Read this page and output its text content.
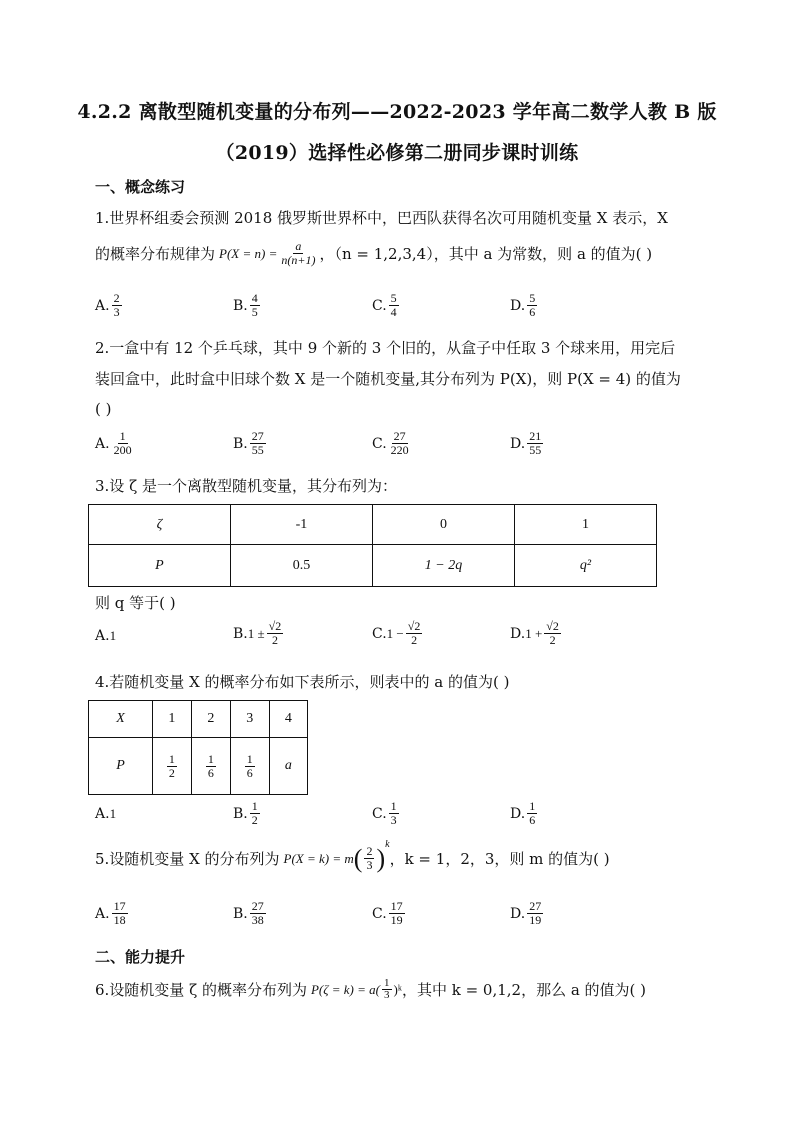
4.2.2 离散型随机变量的分布列——2022-2023 学年高二数学人教 B 版
（2019）选择性必修第二册同步课时训练
一、概念练习
1.世界杯组委会预测 2018 俄罗斯世界杯中，巴西队获得名次可用随机变量 X 表示，X
的概率分布规律为 $P(X = n) = \frac{a}{n(n+1)}$ ，（n = 1,2,3,4），其中 a 为常数，则 a 的值为( )
A. $\frac{2}{3}$	B. $\frac{4}{5}$	C. $\frac{5}{4}$	D. $\frac{5}{6}$
2.一盒中有 12 个乒乓球，其中 9 个新的 3 个旧的，从盒子中任取 3 个球来用，用完后
装回盒中，此时盒中旧球个数 X 是一个随机变量,其分布列为 P(X)，则 P(X = 4) 的值为
( )
A. $\frac{1}{200}$	B. $\frac{27}{55}$	C. $\frac{27}{220}$	D. $\frac{21}{55}$
3.设 ζ 是一个离散型随机变量，其分布列为：
ζ	-1	0	1
P	0.5	1 − 2q	q²
则 q 等于( )
A. 1	B. $1 \pm \frac{√2}{2}$	C. $1 - \frac{√2}{2}$	D. $1 + \frac{√2}{2}$
4.若随机变量 X 的概率分布如下表所示，则表中的 a 的值为( )
X	1	2	3	4
P	$\frac{1}{2}$	$\frac{1}{6}$	$\frac{1}{6}$	a
A. 1	B. $\frac{1}{2}$	C. $\frac{1}{3}$	D. $\frac{1}{6}$
5.设随机变量 X 的分布列为 P(X = k) = m ( $\frac{2}{3}$ ) k
，k = 1，2，3，则 m 的值为( )
A. $\frac{17}{18}$	B. $\frac{27}{38}$	C. $\frac{17}{19}$	D. $\frac{27}{19}$
二、能力提升
6.设随机变量 ζ 的概率分布列为 $P(\zeta = k) = a( \frac{1}{3}$ )ᵏ ，其中 k = 0,1,2，那么 a 的值为( )
